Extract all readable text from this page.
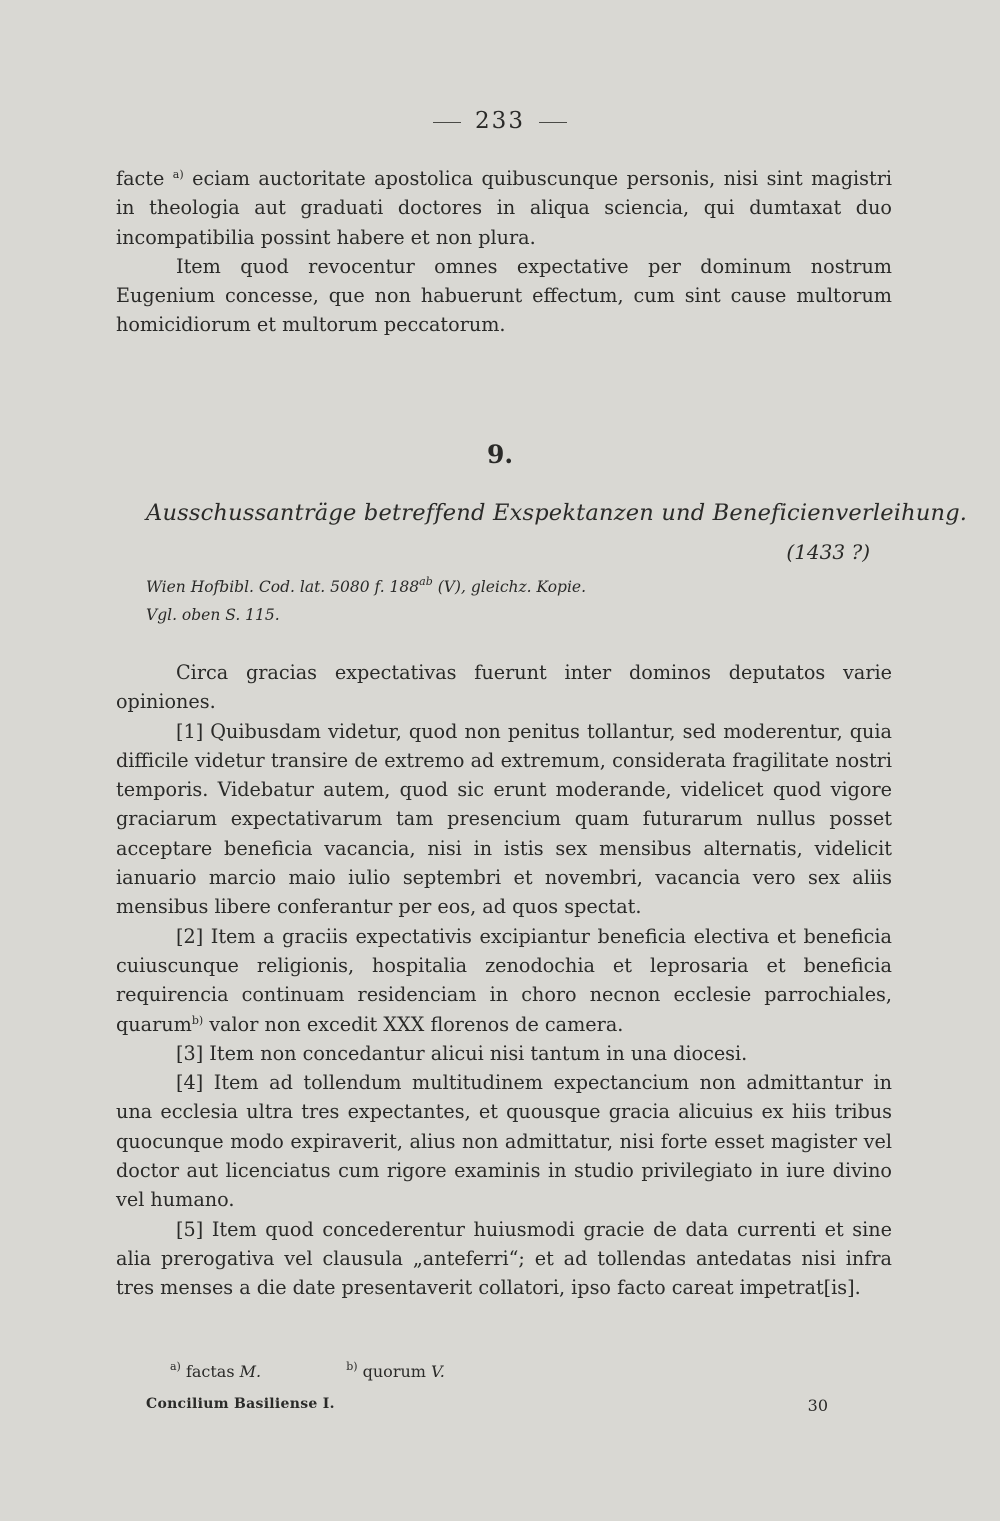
233

facte $^{a)}$ eciam auctoritate apostolica quibuscunque personis, nisi sint magistri in theologia aut graduati doctores in aliqua sciencia, qui dumtaxat duo incompatibilia possint habere et non plura.

Item quod revocentur omnes expectative per dominum nostrum Eugenium concesse, que non habuerunt effectum, cum sint cause multorum homicidiorum et multorum peccatorum.

9.
Ausschussanträge betreffend Exspektanzen und Beneficienverleihung.
(1433 ?)
Wien Hofbibl. Cod. lat. 5080 f. $188^{ab}$ (V), gleichz. Kopie.
Vgl. oben S. 115.

Circa gracias expectativas fuerunt inter dominos deputatos varie opiniones.

[1] Quibusdam videtur, quod non penitus tollantur, sed moderentur, quia difficile videtur transire de extremo ad extremum, considerata fragilitate nostri temporis. Videbatur autem, quod sic erunt moderande, videlicet quod vigore graciarum expectativarum tam presencium quam futurarum nullus posset acceptare beneficia vacancia, nisi in istis sex mensibus alternatis, videlicit ianuario marcio maio iulio septembri et novembri, vacancia vero sex aliis mensibus libere conferantur per eos, ad quos spectat.

[2] Item a graciis expectativis excipiantur beneficia electiva et beneficia cuiuscunque religionis, hospitalia zenodochia et leprosaria et beneficia requirencia continuam residenciam in choro necnon ecclesie parrochiales, quarum$^{b)}$ valor non excedit XXX florenos de camera.

[3] Item non concedantur alicui nisi tantum in una diocesi.

[4] Item ad tollendum multitudinem expectancium non admittantur in una ecclesia ultra tres expectantes, et quousque gracia alicuius ex hiis tribus quocunque modo expiraverit, alius non admittatur, nisi forte esset magister vel doctor aut licenciatus cum rigore examinis in studio privilegiato in iure divino vel humano.

[5] Item quod concederentur huiusmodi gracie de data currenti et sine alia prerogativa vel clausula „anteferri“; et ad tollendas antedatas nisi infra tres menses a die date presentaverit collatori, ipso facto careat impetrat[is].

$^{a)}$ factas M.	$^{b)}$ quorum V.
Concilium Basiliense I.	30
